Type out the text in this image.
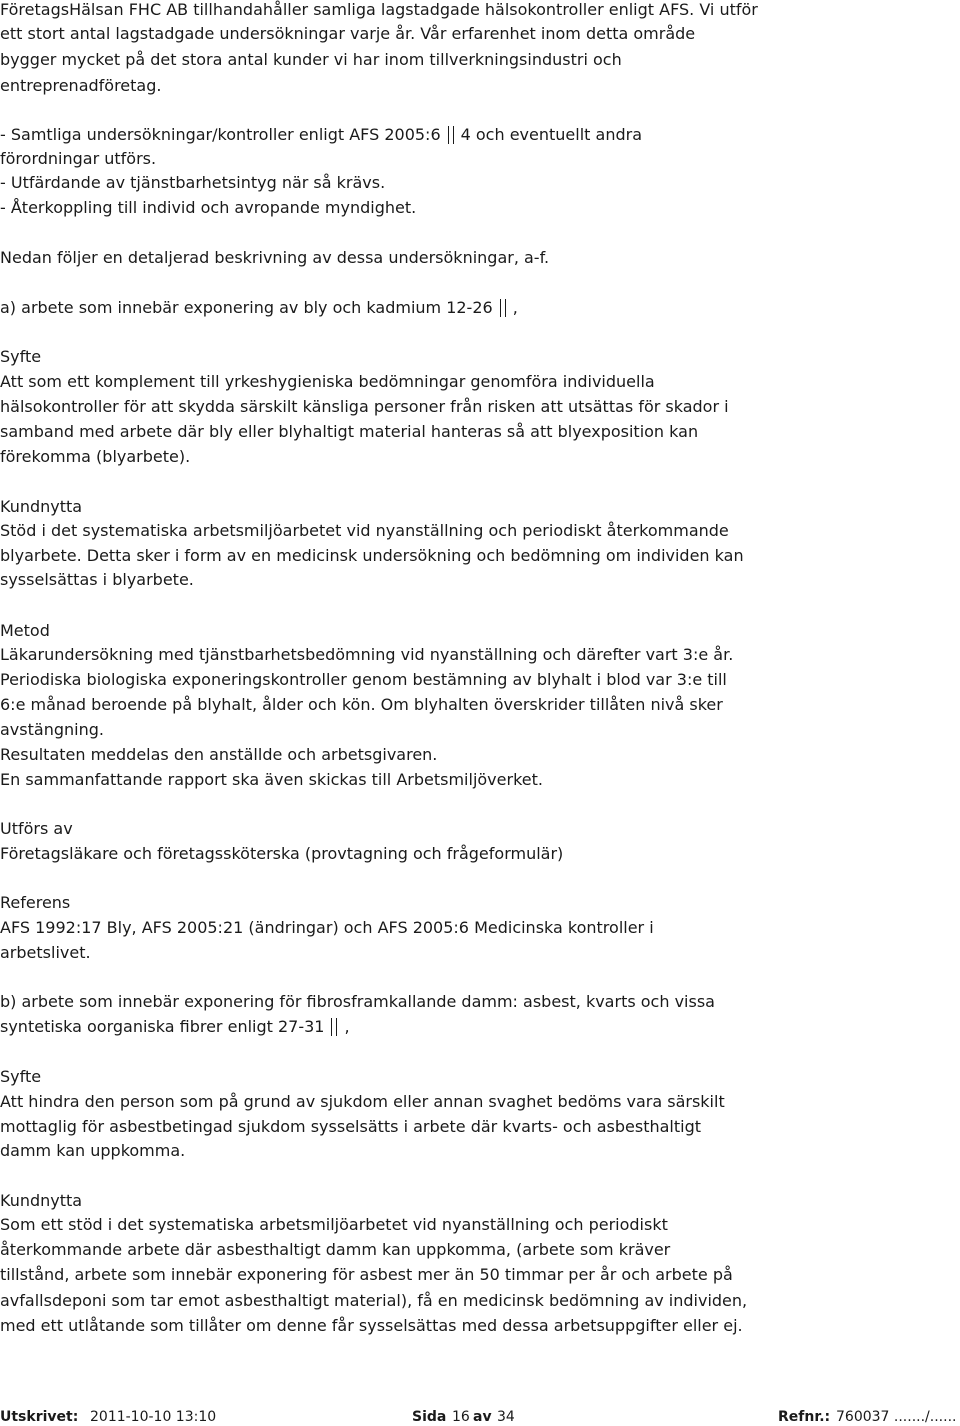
FöretagsHälsan FHC AB tillhandahåller samliga lagstadgade hälsokontroller enligt AFS. Vi utför
ett stort antal lagstadgade undersökningar varje år. Vår erfarenhet inom detta område
bygger mycket på det stora antal kunder vi har inom tillverkningsindustri och
entreprenadföretag.
- Samtliga undersökningar/kontroller enligt AFS 2005:6 4 och eventuellt andra
förordningar utförs.
- Utfärdande av tjänstbarhetsintyg när så krävs.
- Återkoppling till individ och avropande myndighet.
Nedan följer en detaljerad beskrivning av dessa undersökningar, a-f.
a) arbete som innebär exponering av bly och kadmium 12-26 ,
Syfte
Att som ett komplement till yrkeshygieniska bedömningar genomföra individuella
hälsokontroller för att skydda särskilt känsliga personer från risken att utsättas för skador i
samband med arbete där bly eller blyhaltigt material hanteras så att blyexposition kan
förekomma (blyarbete).
Kundnytta
Stöd i det systematiska arbetsmiljöarbetet vid nyanställning och periodiskt återkommande
blyarbete. Detta sker i form av en medicinsk undersökning och bedömning om individen kan
sysselsättas i blyarbete.
Metod
Läkarundersökning med tjänstbarhetsbedömning vid nyanställning och därefter vart 3:e år.
Periodiska biologiska exponeringskontroller genom bestämning av blyhalt i blod var 3:e till
6:e månad beroende på blyhalt, ålder och kön. Om blyhalten överskrider tillåten nivå sker
avstängning.
Resultaten meddelas den anställde och arbetsgivaren.
En sammanfattande rapport ska även skickas till Arbetsmiljöverket.
Utförs av
Företagsläkare och företagssköterska (provtagning och frågeformulär)
Referens
AFS 1992:17 Bly, AFS 2005:21 (ändringar) och AFS 2005:6 Medicinska kontroller i
arbetslivet.
b) arbete som innebär exponering för fibrosframkallande damm: asbest, kvarts och vissa
syntetiska oorganiska fibrer enligt 27-31 ,
Syfte
Att hindra den person som på grund av sjukdom eller annan svaghet bedöms vara särskilt
mottaglig för asbestbetingad sjukdom sysselsätts i arbete där kvarts- och asbesthaltigt
damm kan uppkomma.
Kundnytta
Som ett stöd i det systematiska arbetsmiljöarbetet vid nyanställning och periodiskt
återkommande arbete där asbesthaltigt damm kan uppkomma, (arbete som kräver
tillstånd, arbete som innebär exponering för asbest mer än 50 timmar per år och arbete på
avfallsdeponi som tar emot asbesthaltigt material), få en medicinsk bedömning av individen,
med ett utlåtande som tillåter om denne får sysselsättas med dessa arbetsuppgifter eller ej.
Utskrivet: 2011-10-10 13:10	Sida 16 av 34	Refnr.: 760037 ......./......
